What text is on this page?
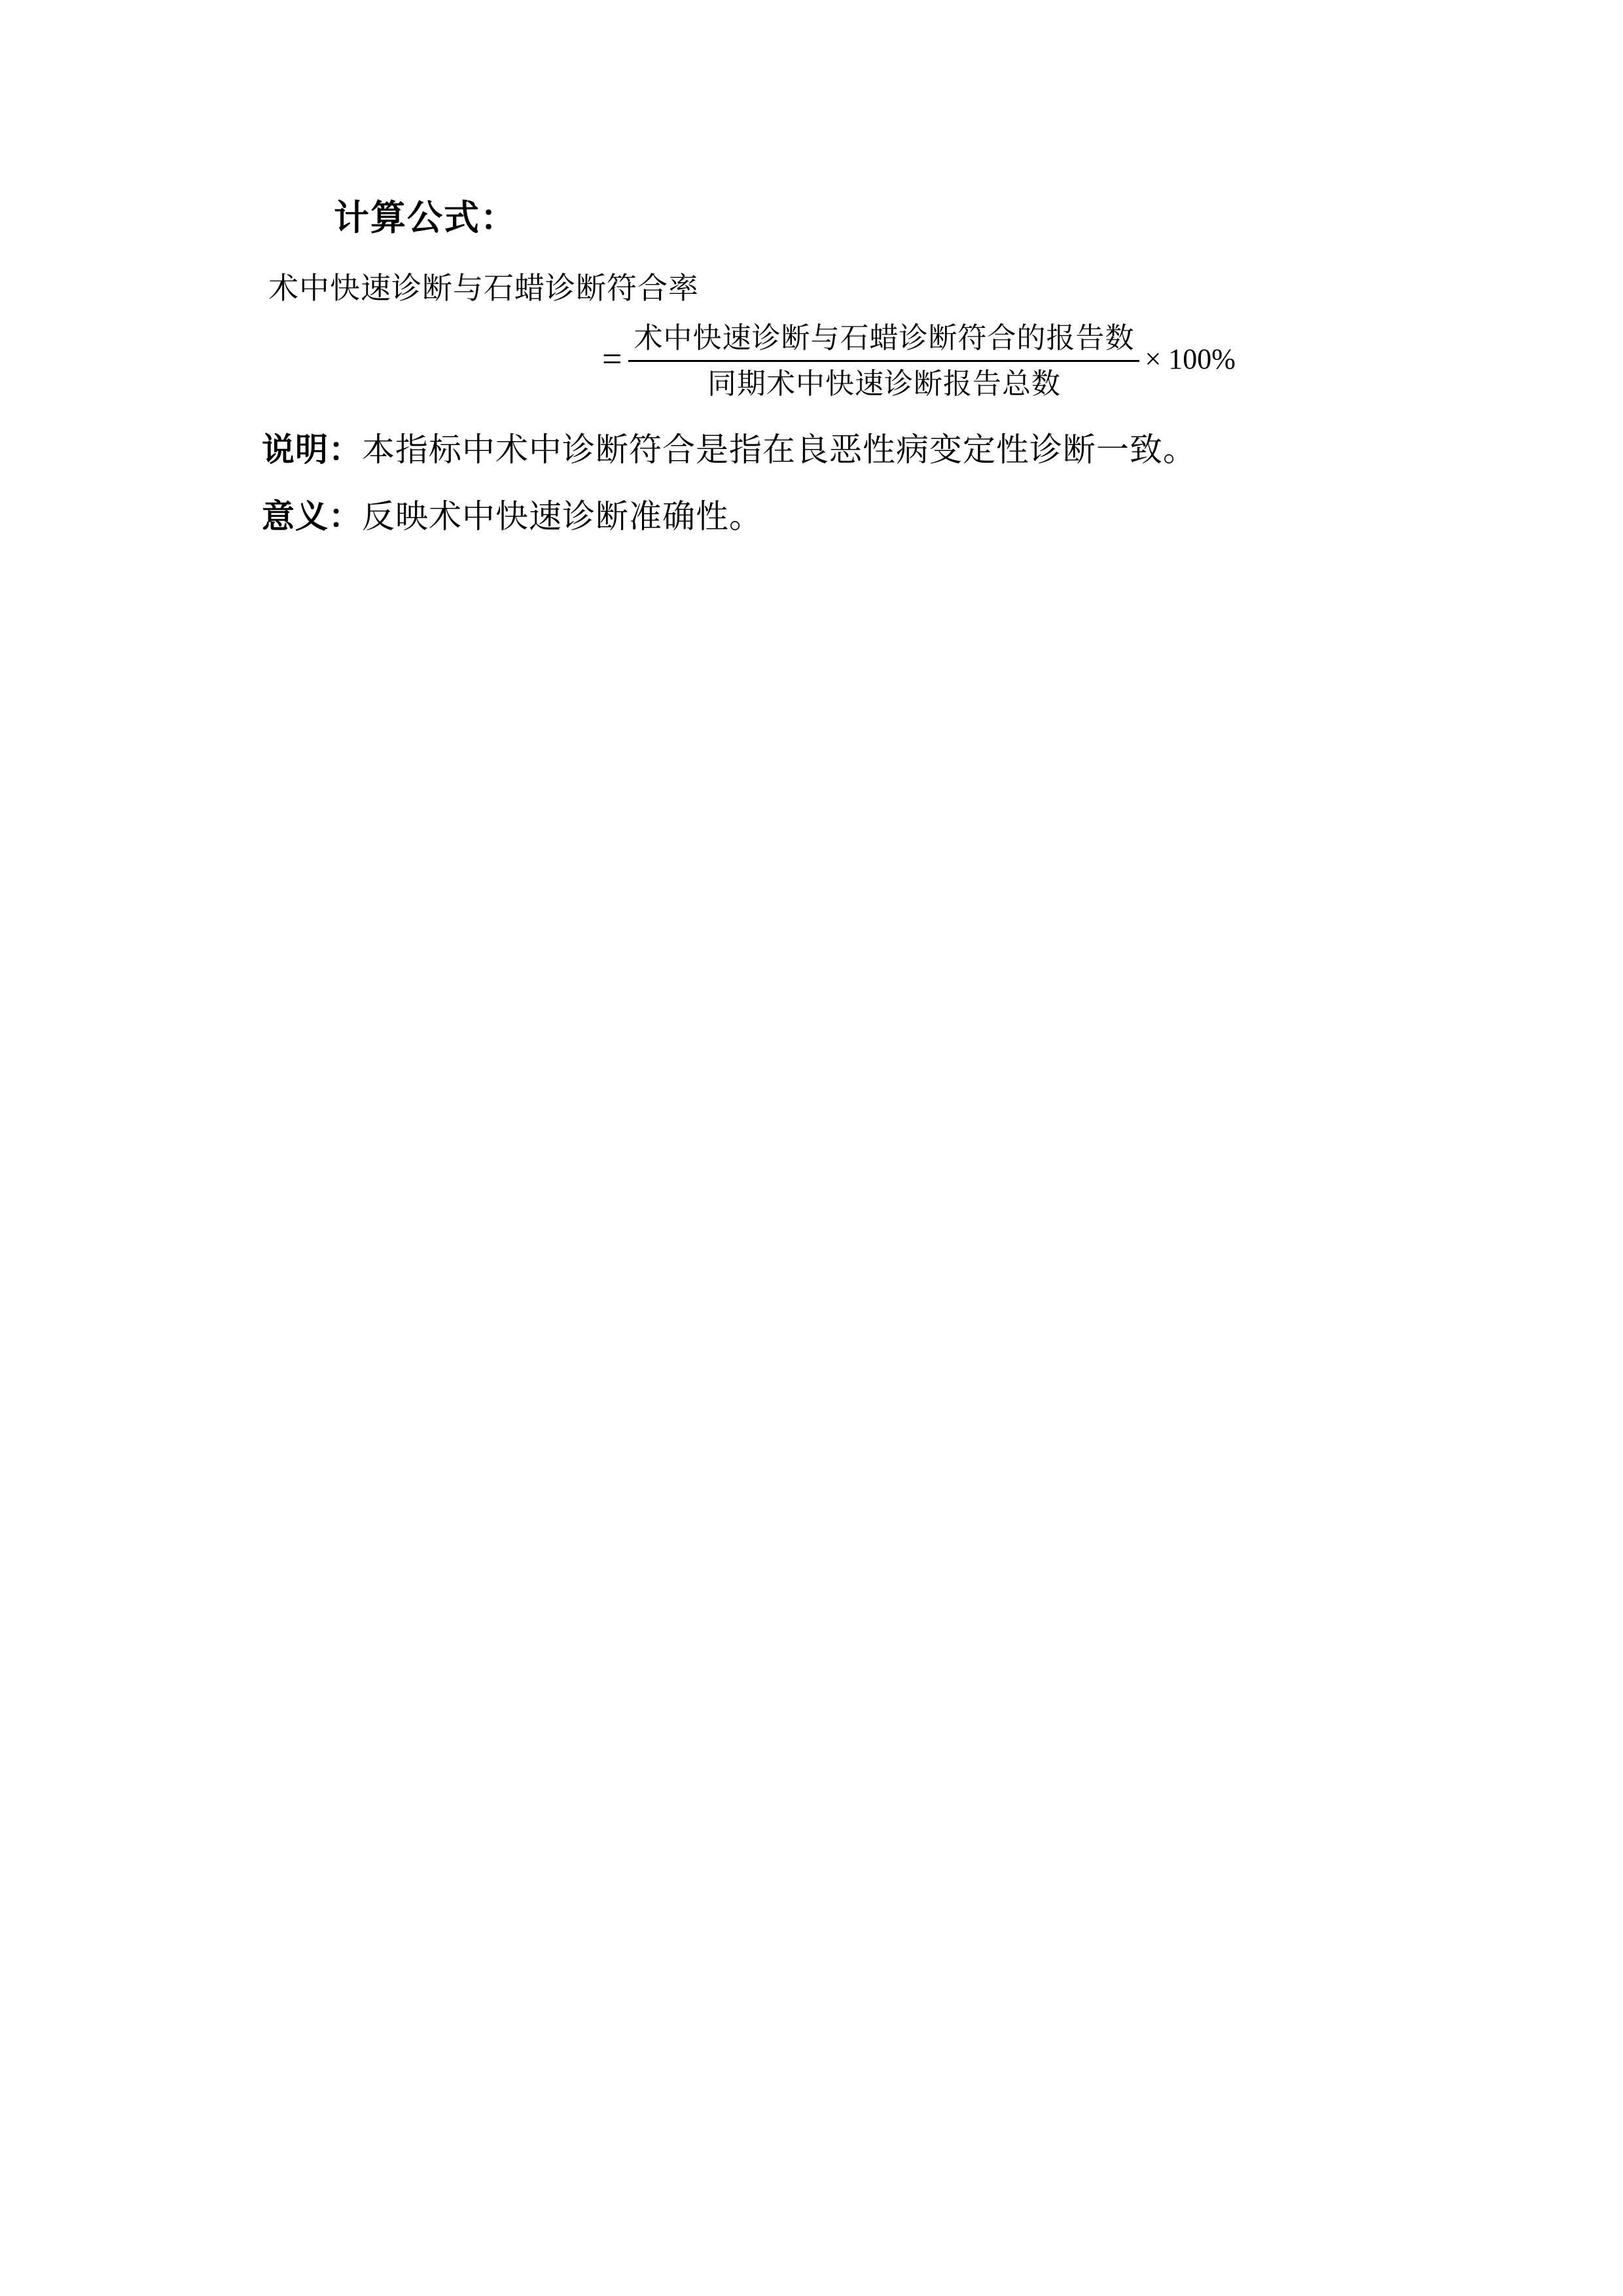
计算公式：
术中快速诊断与石蜡诊断符合率
= $\frac{\text{术中快速诊断与石蜡诊断符合的报告数}}{\text{同期术中快速诊断报告总数}} \times 100\%$

说明：本指标中术中诊断符合是指在良恶性病变定性诊断一致。

意义：反映术中快速诊断准确性。
